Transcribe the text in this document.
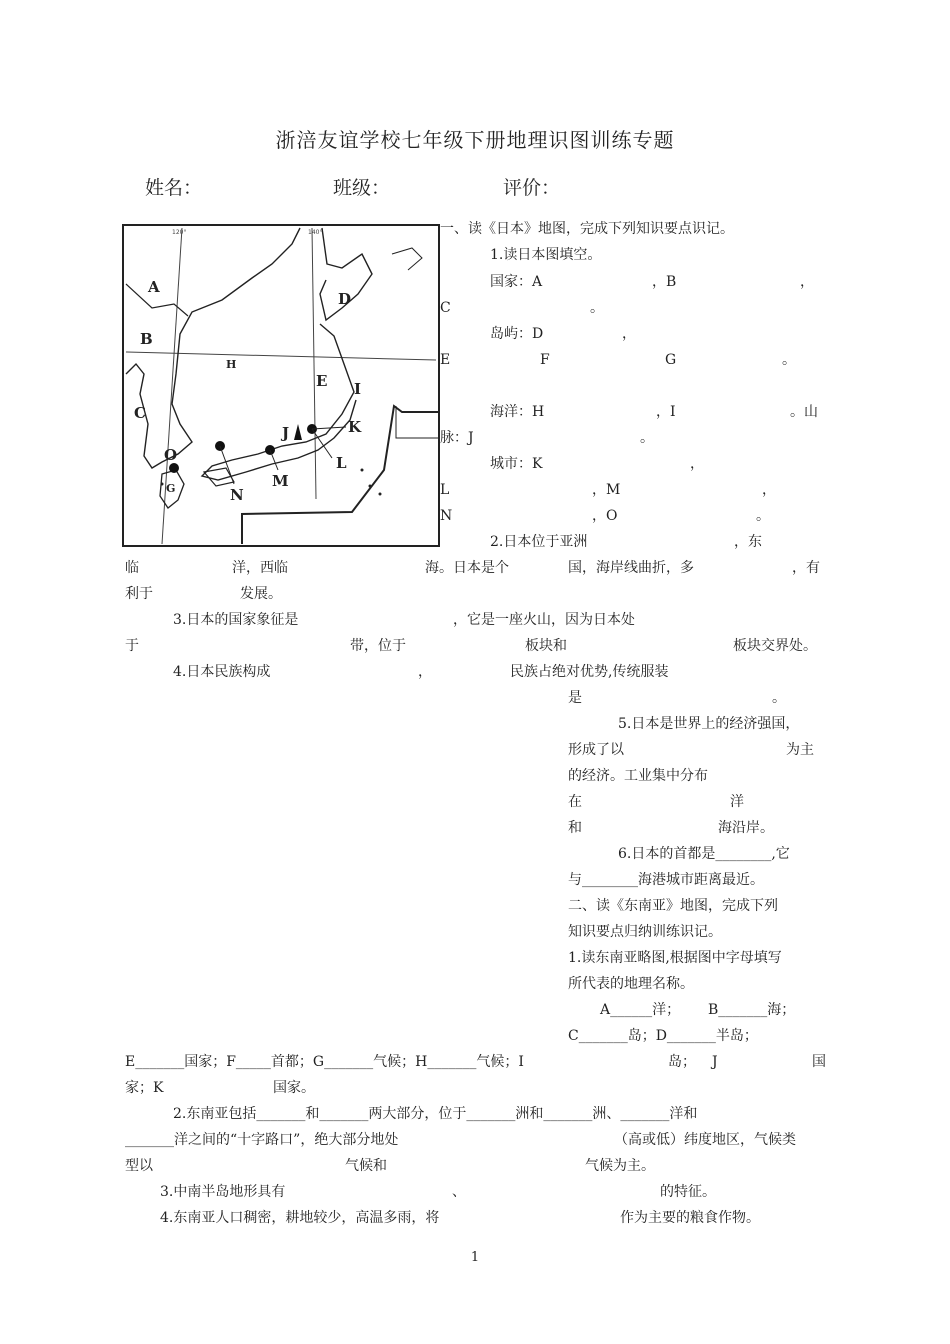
浙涪友谊学校七年级下册地理识图训练专题
姓名：	班级：	评价：
A
B
C
D
E I
H
J	K
L
M
N
O
G
120°	140°	一、读《日本》地图，完成下列知识要点识记。
1.读日本图填空。
国家：A	，B	，
C	。
岛屿：D	，
E	F	G	。
海洋：H	，I	。山
脉：J	。
城市：K	，
L	，M	，
N	，O	。
2.日本位于亚洲	，东
临	洋，西临	海。日本是个	国，海岸线曲折，多	，有
利于	发展。
3.日本的国家象征是	，它是一座火山，因为日本处
于	带，位于	板块和	板块交界处。
4.日本民族构成	，	民族占绝对优势,传统服装
是	。
5.日本是世界上的经济强国，
形成了以	为主
的经济。工业集中分布
在	洋
和	海沿岸。
6.日本的首都是________,它
与________海港城市距离最近。
二、读《东南亚》地图，完成下列
知识要点归纳训练识记。
1.读东南亚略图,根据图中字母填写
所代表的地理名称。
A______洋； B_______海；
C_______岛；D_______半岛；
E_______国家；F_____首都；G_______气候；H_______气候；I	岛； J	国
家；K	国家。
2.东南亚包括_______和_______两大部分，位于_______洲和_______洲、_______洋和
_______洋之间的“十字路口”，绝大部分地处	（高或低）纬度地区，气候类
型以	气候和	气候为主。
3.中南半岛地形具有	、	的特征。
4.东南亚人口稠密，耕地较少，高温多雨，将	作为主要的粮食作物。
1
